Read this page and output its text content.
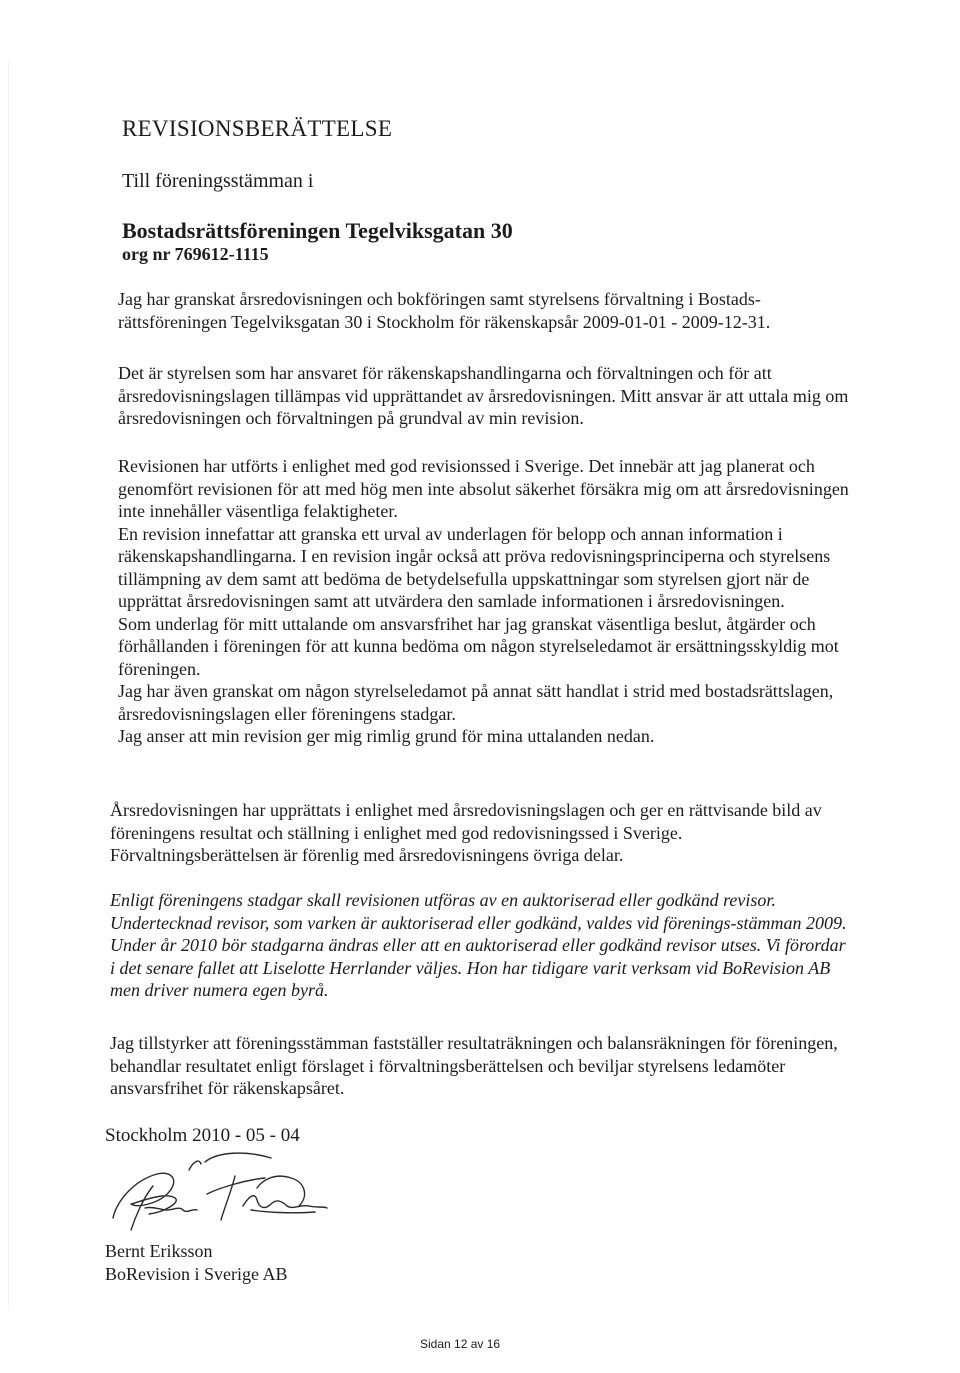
REVISIONSBERÄTTELSE

Till föreningsstämman i

Bostadsrättsföreningen Tegelviksgatan 30

org nr 769612-1115

Jag har granskat årsredovisningen och bokföringen samt styrelsens förvaltning i Bostads-rättsföreningen Tegelviksgatan 30 i Stockholm för räkenskapsår 2009-01-01 - 2009-12-31.

Det är styrelsen som har ansvaret för räkenskapshandlingarna och förvaltningen och för att årsredovisningslagen tillämpas vid upprättandet av årsredovisningen. Mitt ansvar är att uttala mig om årsredovisningen och förvaltningen på grundval av min revision.

Revisionen har utförts i enlighet med god revisionssed i Sverige. Det innebär att jag planerat och genomfört revisionen för att med hög men inte absolut säkerhet försäkra mig om att årsredovisningen inte innehåller väsentliga felaktigheter.
En revision innefattar att granska ett urval av underlagen för belopp och annan information i räkenskapshandlingarna. I en revision ingår också att pröva redovisningsprinciperna och styrelsens tillämpning av dem samt att bedöma de betydelsefulla uppskattningar som styrelsen gjort när de upprättat årsredovisningen samt att utvärdera den samlade informationen i årsredovisningen.
Som underlag för mitt uttalande om ansvarsfrihet har jag granskat väsentliga beslut, åtgärder och förhållanden i föreningen för att kunna bedöma om någon styrelseledamot är ersättningsskyldig mot föreningen.
Jag har även granskat om någon styrelseledamot på annat sätt handlat i strid med bostadsrättslagen, årsredovisningslagen eller föreningens stadgar.
Jag anser att min revision ger mig rimlig grund för mina uttalanden nedan.

Årsredovisningen har upprättats i enlighet med årsredovisningslagen och ger en rättvisande bild av föreningens resultat och ställning i enlighet med god redovisningssed i Sverige. Förvaltningsberättelsen är förenlig med årsredovisningens övriga delar.

Enligt föreningens stadgar skall revisionen utföras av en auktoriserad eller godkänd revisor. Undertecknad revisor, som varken är auktoriserad eller godkänd, valdes vid förenings-stämman 2009. Under år 2010 bör stadgarna ändras eller att en auktoriserad eller godkänd revisor utses. Vi förordar i det senare fallet att Liselotte Herrlander väljes. Hon har tidigare varit verksam vid BoRevision AB men driver numera egen byrå.

Jag tillstyrker att föreningsstämman fastställer resultaträkningen och balansräkningen för föreningen, behandlar resultatet enligt förslaget i förvaltningsberättelsen och beviljar styrelsens ledamöter ansvarsfrihet för räkenskapsåret.

Stockholm 2010 - 05 - 04

Bernt Eriksson

BoRevision i Sverige AB

Sidan 12 av 16
